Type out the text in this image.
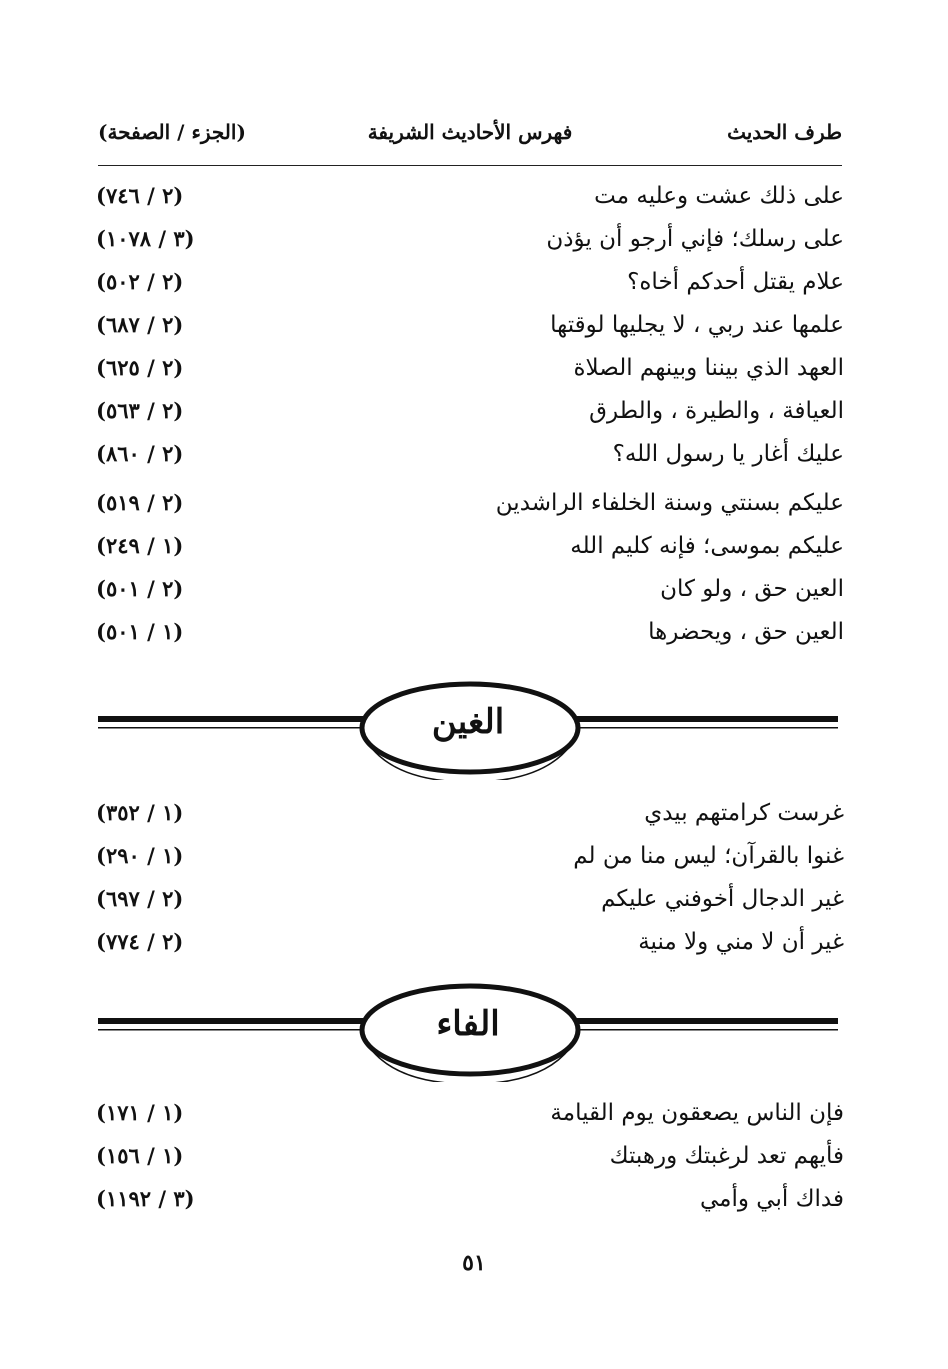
طرف الحديث
فهرس الأحاديث الشريفة
(الجزء / الصفحة)
على ذلك عشت وعليه مت
(٢ / ٧٤٦)
على رسلك؛ فإني أرجو أن يؤذن
(٣ / ١٠٧٨)
علام يقتل أحدكم أخاه؟
(٢ / ٥٠٢)
علمها عند ربي ، لا يجليها لوقتها
(٢ / ٦٨٧)
العهد الذي بيننا وبينهم الصلاة
(٢ / ٦٢٥)
العيافة ، والطيرة ، والطرق
(٢ / ٥٦٣)
عليك أغار يا رسول الله؟
(٢ / ٨٦٠)
عليكم بسنتي وسنة الخلفاء الراشدين
(٢ / ٥١٩)
عليكم بموسى؛ فإنه كليم الله
(١ / ٢٤٩)
العين حق ، ولو كان
(٢ / ٥٠١)
العين حق ، ويحضرها
(١ / ٥٠١)
الغين
غرست كرامتهم بيدي
(١ / ٣٥٢)
غنوا بالقرآن؛ ليس منا من لم
(١ / ٢٩٠)
غير الدجال أخوفني عليكم
(٢ / ٦٩٧)
غير أن لا مني ولا منية
(٢ / ٧٧٤)
الفاء
فإن الناس يصعقون يوم القيامة
(١ / ١٧١)
فأيهم تعد لرغبتك ورهبتك
(١ / ١٥٦)
فداك أبي وأمي
(٣ / ١١٩٢)
٥١
